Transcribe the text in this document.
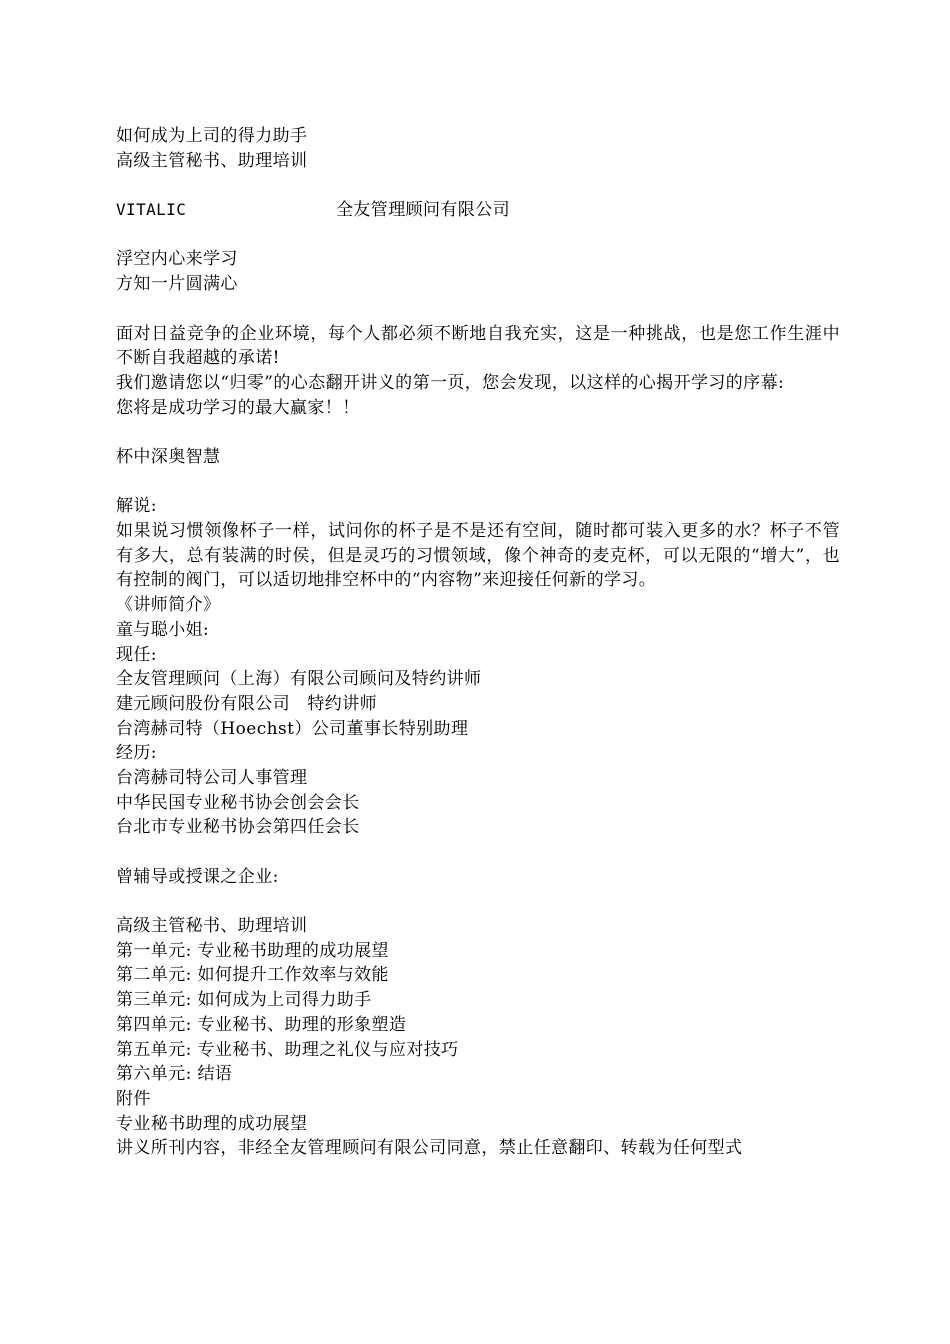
如何成为上司的得力助手
高级主管秘书、助理培训
VITALIC	全友管理顾问有限公司
浮空内心来学习
方知一片圆满心
面对日益竞争的企业环境，每个人都必须不断地自我充实，这是一种挑战，也是您工作生涯中不断自我超越的承诺!
我们邀请您以“归零”的心态翻开讲义的第一页，您会发现，以这样的心揭开学习的序幕:
您将是成功学习的最大赢家！！
杯中深奥智慧
解说:
如果说习惯领像杯子一样，试问你的杯子是不是还有空间，随时都可装入更多的水？杯子不管有多大，总有装满的时侯，但是灵巧的习惯领域，像个神奇的麦克杯，可以无限的“增大”，也有控制的阀门，可以适切地排空杯中的“内容物”来迎接任何新的学习。
《讲师简介》
童与聪小姐:
现任:
全友管理顾问（上海）有限公司顾问及特约讲师
建元顾问股份有限公司　特约讲师
台湾赫司特（Hoechst）公司董事长特别助理
经历:
台湾赫司特公司人事管理
中华民国专业秘书协会创会会长
台北市专业秘书协会第四任会长
曾辅导或授课之企业:
高级主管秘书、助理培训
第一单元: 专业秘书助理的成功展望
第二单元: 如何提升工作效率与效能
第三单元: 如何成为上司得力助手
第四单元: 专业秘书、助理的形象塑造
第五单元: 专业秘书、助理之礼仪与应对技巧
第六单元: 结语
附件
专业秘书助理的成功展望
讲义所刊内容，非经全友管理顾问有限公司同意，禁止任意翻印、转载为任何型式
